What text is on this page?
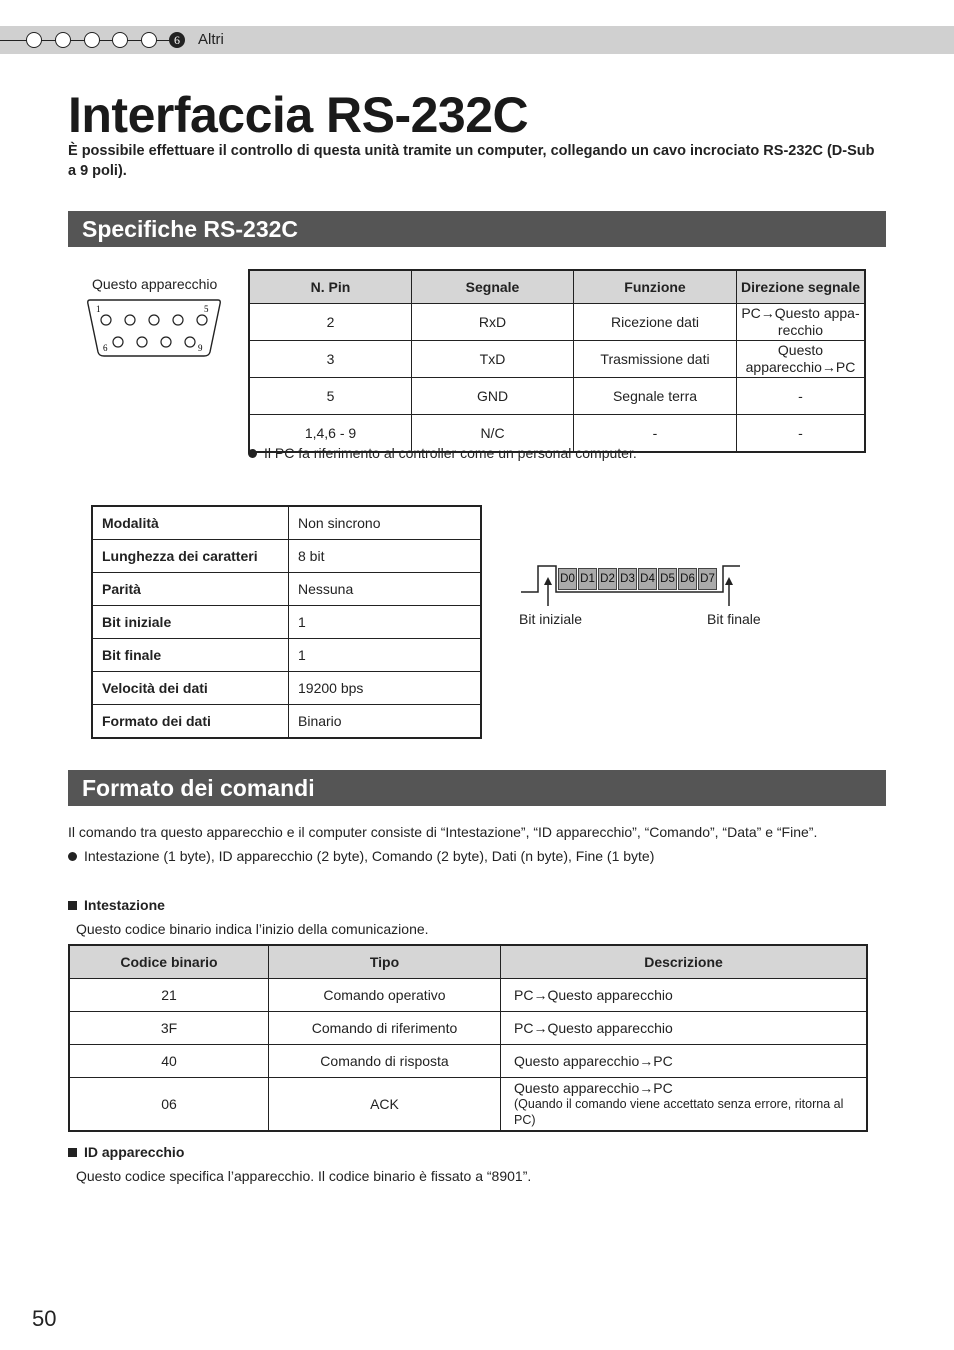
6	Altri
Interfaccia RS-232C
È possibile effettuare il controllo di questa unità tramite un computer, collegando un cavo incrociato RS-232C (D-Sub a 9 poli).
Specifiche RS-232C
Questo apparecchio
1	5
6	9
N. Pin	Segnale	Funzione	Direzione segnale
2	RxD	Ricezione dati	PC→Questo appa-
recchio
3	TxD	Trasmissione dati	Questo
apparecchio→PC
5	GND	Segnale terra	-
1,4,6 - 9	N/C	-	-
Il PC fa riferimento al controller come un personal computer.
Modalità	Non sincrono
Lunghezza dei caratteri	8 bit
Parità	Nessuna
Bit iniziale	1
Bit finale	1
Velocità dei dati	19200 bps
Formato dei dati	Binario
D0 D1 D2 D3 D4 D5 D6 D7
Bit iniziale	Bit finale
Formato dei comandi
Il comando tra questo apparecchio e il computer consiste di “Intestazione”, “ID apparecchio”, “Comando”, “Data” e “Fine”.
Intestazione (1 byte), ID apparecchio (2 byte), Comando (2 byte), Dati (n byte), Fine (1 byte)
Intestazione
Questo codice binario indica l’inizio della comunicazione.
Codice binario	Tipo	Descrizione
21	Comando operativo	PC→Questo apparecchio
3F	Comando di riferimento	PC→Questo apparecchio
40	Comando di risposta	Questo apparecchio→PC
06	ACK	Questo apparecchio→PC
(Quando il comando viene accettato senza errore, ritorna al PC)
ID apparecchio
Questo codice specifica l’apparecchio. Il codice binario è fissato a “8901”.
50
